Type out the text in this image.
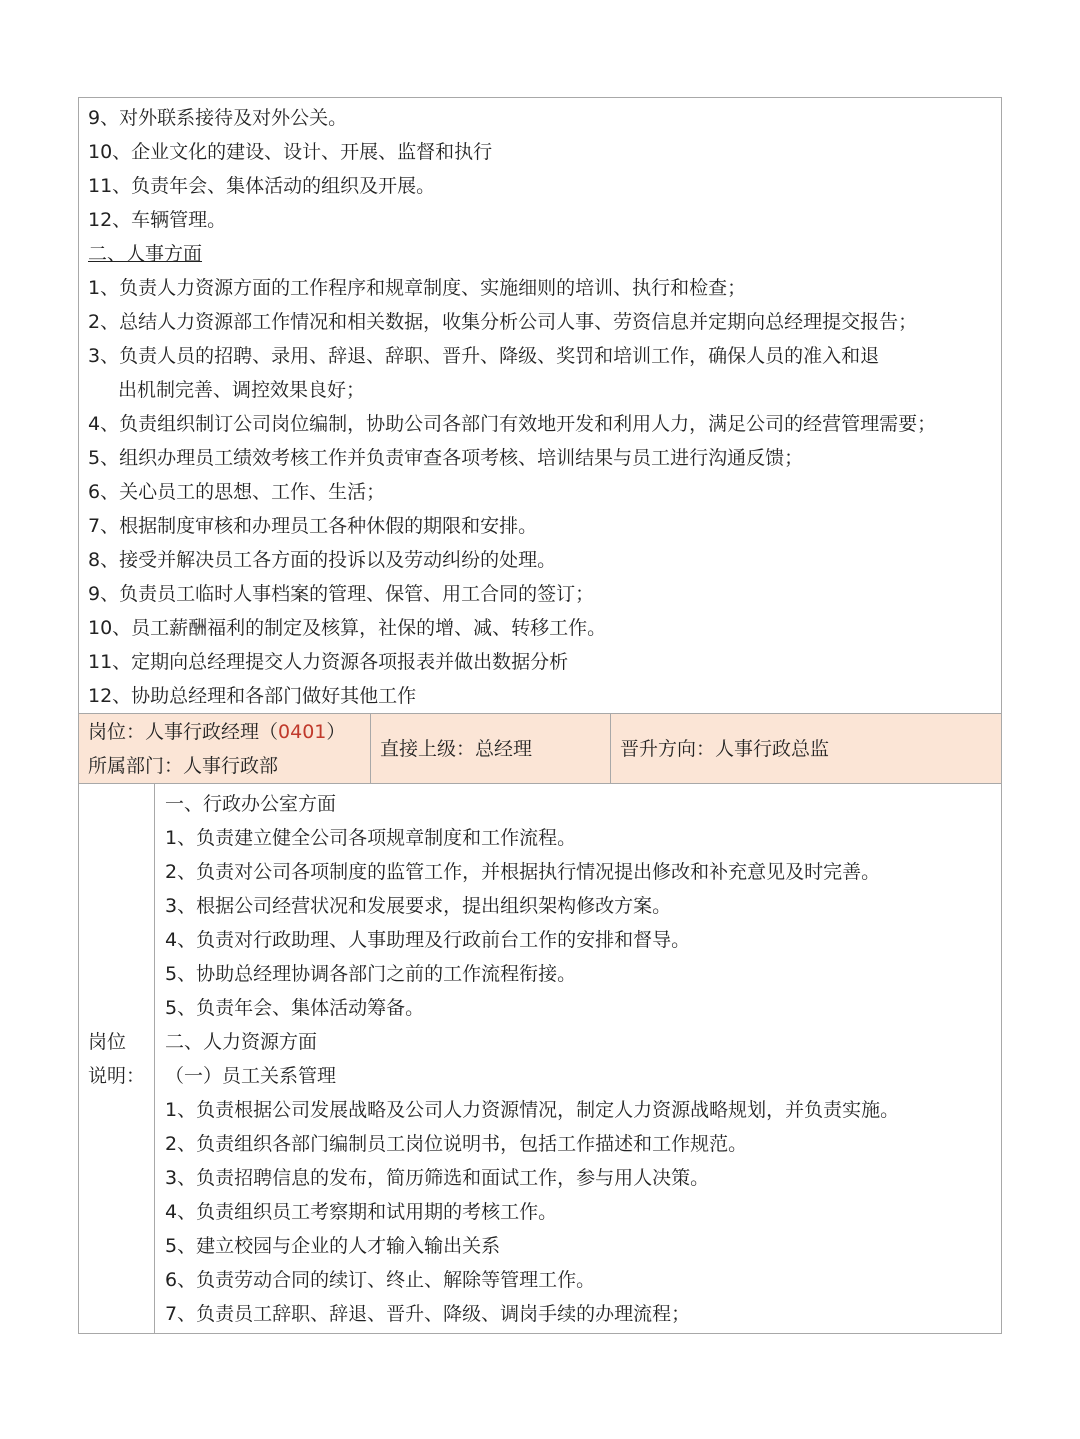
9、对外联系接待及对外公关。
10、企业文化的建设、设计、开展、监督和执行
11、负责年会、集体活动的组织及开展。
12、车辆管理。
二、人事方面
1、负责人力资源方面的工作程序和规章制度、实施细则的培训、执行和检查；
2、总结人力资源部工作情况和相关数据，收集分析公司人事、劳资信息并定期向总经理提交报告；
3、负责人员的招聘、录用、辞退、辞职、晋升、降级、奖罚和培训工作，确保人员的准入和退
出机制完善、调控效果良好；
4、负责组织制订公司岗位编制，协助公司各部门有效地开发和利用人力，满足公司的经营管理需要；
5、组织办理员工绩效考核工作并负责审查各项考核、培训结果与员工进行沟通反馈；
6、关心员工的思想、工作、生活；
7、根据制度审核和办理员工各种休假的期限和安排。
8、接受并解决员工各方面的投诉以及劳动纠纷的处理。
9、负责员工临时人事档案的管理、保管、用工合同的签订；
10、员工薪酬福利的制定及核算，社保的增、减、转移工作。
11、定期向总经理提交人力资源各项报表并做出数据分析
12、协助总经理和各部门做好其他工作
岗位：人事行政经理（0401）
所属部门：人事行政部
直接上级：总经理	晋升方向：人事行政总监
岗位
说明：
一、行政办公室方面
1、负责建立健全公司各项规章制度和工作流程。
2、负责对公司各项制度的监管工作，并根据执行情况提出修改和补充意见及时完善。
3、根据公司经营状况和发展要求，提出组织架构修改方案。
4、负责对行政助理、人事助理及行政前台工作的安排和督导。
5、协助总经理协调各部门之前的工作流程衔接。
5、负责年会、集体活动筹备。
二、人力资源方面
（一）员工关系管理
1、负责根据公司发展战略及公司人力资源情况，制定人力资源战略规划，并负责实施。
2、负责组织各部门编制员工岗位说明书，包括工作描述和工作规范。
3、负责招聘信息的发布，简历筛选和面试工作，参与用人决策。
4、负责组织员工考察期和试用期的考核工作。
5、建立校园与企业的人才输入输出关系
6、负责劳动合同的续订、终止、解除等管理工作。
7、负责员工辞职、辞退、晋升、降级、调岗手续的办理流程；
